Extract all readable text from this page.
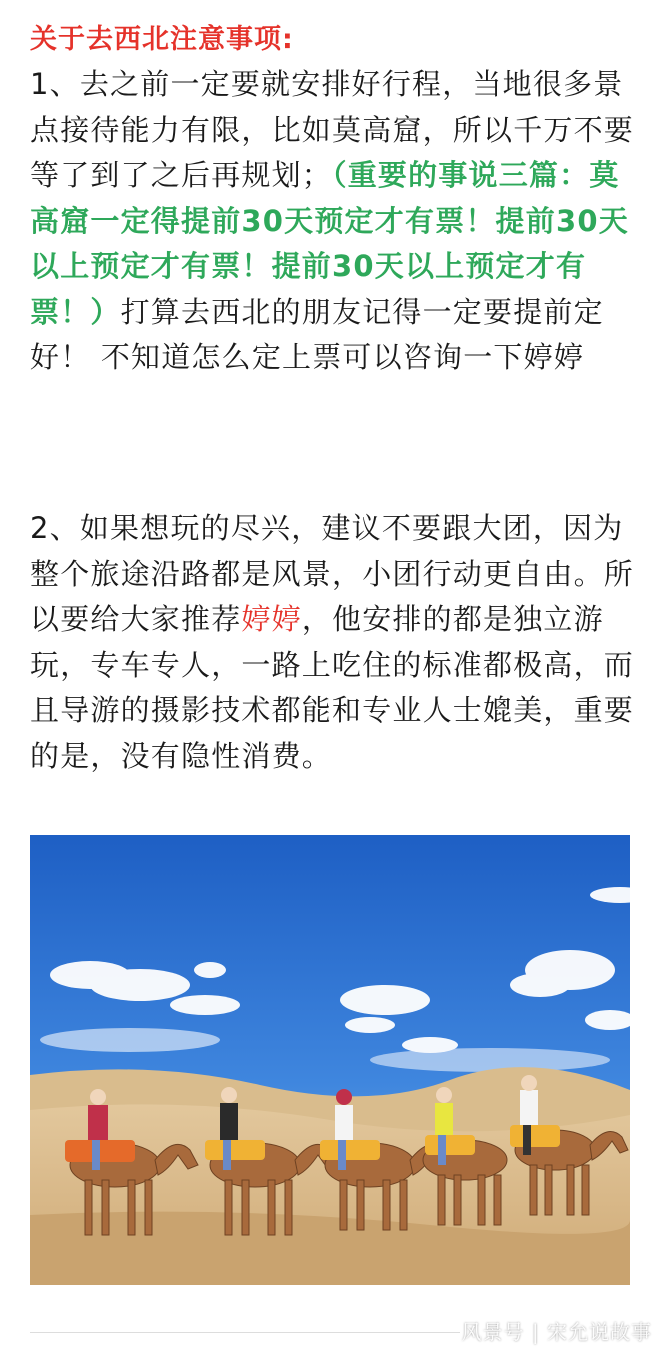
关于去西北注意事项:

1、去之前一定要就安排好行程，当地很多景点接待能力有限，比如莫高窟，所以千万不要等了到了之后再规划；（重要的事说三篇：莫高窟一定得提前30天预定才有票！提前30天以上预定才有票！提前30天以上预定才有票！）打算去西北的朋友记得一定要提前定好！ 不知道怎么定上票可以咨询一下婷婷

2、如果想玩的尽兴，建议不要跟大团，因为整个旅途沿路都是风景，小团行动更自由。所以要给大家推荐婷婷，他安排的都是独立游玩，专车专人，一路上吃住的标准都极高，而且导游的摄影技术都能和专业人士媲美，重要的是，没有隐性消费。

风景号 | 宋允说故事
